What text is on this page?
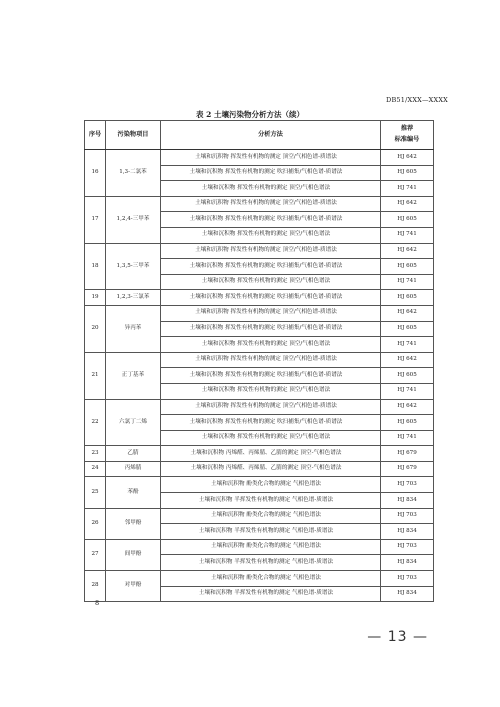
DB51/XXX—XXXX
表 2 土壤污染物分析方法（续）
序号	污染物项目	分析方法	推荐
标准编号
16	1,3-二氯苯	土壤和沉积物 挥发性有机物的测定 顶空/气相色谱-质谱法	HJ 642
		土壤和沉积物 挥发性有机物的测定 吹扫捕集/气相色谱-质谱法	HJ 605
		土壤和沉积物 挥发性有机物的测定 顶空/气相色谱法	HJ 741
17	1,2,4-三甲苯	土壤和沉积物 挥发性有机物的测定 顶空/气相色谱-质谱法	HJ 642
		土壤和沉积物 挥发性有机物的测定 吹扫捕集/气相色谱-质谱法	HJ 605
		土壤和沉积物 挥发性有机物的测定 顶空/气相色谱法	HJ 741
18	1,3,5-三甲苯	土壤和沉积物 挥发性有机物的测定 顶空/气相色谱-质谱法	HJ 642
		土壤和沉积物 挥发性有机物的测定 吹扫捕集/气相色谱-质谱法	HJ 605
		土壤和沉积物 挥发性有机物的测定 顶空/气相色谱法	HJ 741
19	1,2,3-三氯苯	土壤和沉积物 挥发性有机物的测定 吹扫捕集/气相色谱-质谱法	HJ 605
20	异丙苯	土壤和沉积物 挥发性有机物的测定 顶空/气相色谱-质谱法	HJ 642
		土壤和沉积物 挥发性有机物的测定 吹扫捕集/气相色谱-质谱法	HJ 605
		土壤和沉积物 挥发性有机物的测定 顶空/气相色谱法	HJ 741
21	正丁基苯	土壤和沉积物 挥发性有机物的测定 顶空/气相色谱-质谱法	HJ 642
		土壤和沉积物 挥发性有机物的测定 吹扫捕集/气相色谱-质谱法	HJ 605
		土壤和沉积物 挥发性有机物的测定 顶空/气相色谱法	HJ 741
22	六氯丁二烯	土壤和沉积物 挥发性有机物的测定 顶空/气相色谱-质谱法	HJ 642
		土壤和沉积物 挥发性有机物的测定 吹扫捕集/气相色谱-质谱法	HJ 605
		土壤和沉积物 挥发性有机物的测定 顶空/气相色谱法	HJ 741
23	乙腈	土壤和沉积物 丙烯醛、丙烯腈、乙腈的测定 顶空-气相色谱法	HJ 679
24	丙烯腈	土壤和沉积物 丙烯醛、丙烯腈、乙腈的测定 顶空-气相色谱法	HJ 679
25	苯酚	土壤和沉积物 酚类化合物的测定 气相色谱法	HJ 703
		土壤和沉积物 半挥发性有机物的测定 气相色谱-质谱法	HJ 834
26	邻甲酚	土壤和沉积物 酚类化合物的测定 气相色谱法	HJ 703
		土壤和沉积物 半挥发性有机物的测定 气相色谱-质谱法	HJ 834
27	间甲酚	土壤和沉积物 酚类化合物的测定 气相色谱法	HJ 703
		土壤和沉积物 半挥发性有机物的测定 气相色谱-质谱法	HJ 834
28	对甲酚	土壤和沉积物 酚类化合物的测定 气相色谱法	HJ 703
		土壤和沉积物 半挥发性有机物的测定 气相色谱-质谱法	HJ 834
8
— 13 —
